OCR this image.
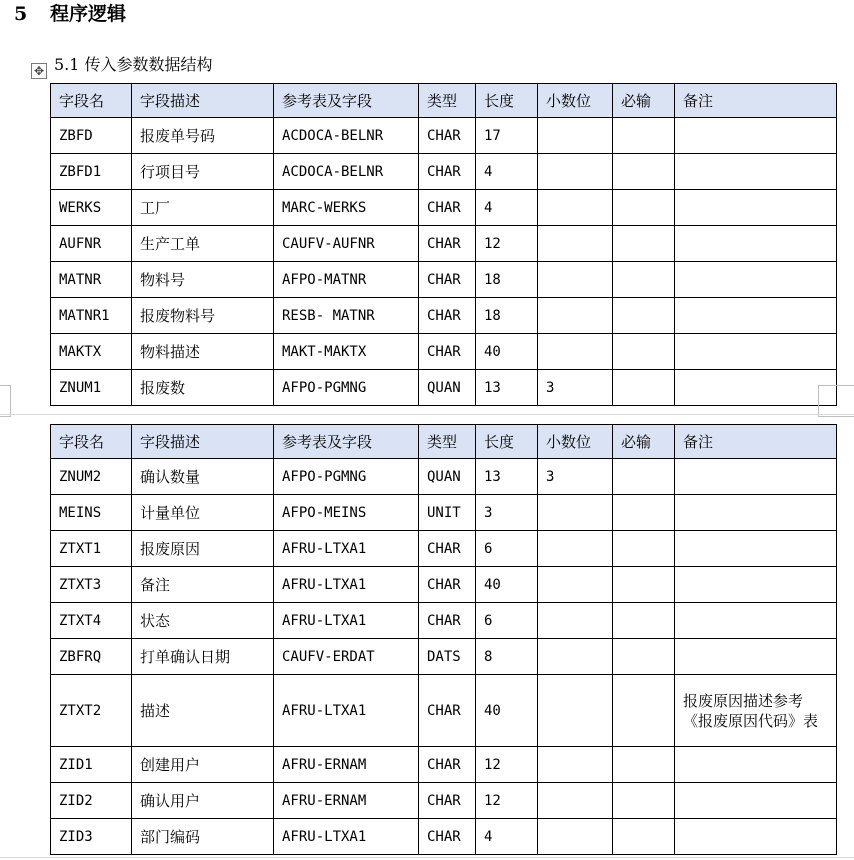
5 程序逻辑
✥ 5.1 传入参数数据结构
字段名	字段描述	参考表及字段	类型	长度	小数位	必输	备注
ZBFD	报废单号码	ACDOCA-BELNR	CHAR	17			
ZBFD1	行项目号	ACDOCA-BELNR	CHAR	4			
WERKS	工厂	MARC-WERKS	CHAR	4			
AUFNR	生产工单	CAUFV-AUFNR	CHAR	12			
MATNR	物料号	AFPO-MATNR	CHAR	18			
MATNR1	报废物料号	RESB- MATNR	CHAR	18			
MAKTX	物料描述	MAKT-MAKTX	CHAR	40			
ZNUM1	报废数	AFPO-PGMNG	QUAN	13	3		
字段名	字段描述	参考表及字段	类型	长度	小数位	必输	备注
ZNUM2	确认数量	AFPO-PGMNG	QUAN	13	3		
MEINS	计量单位	AFPO-MEINS	UNIT	3			
ZTXT1	报废原因	AFRU-LTXA1	CHAR	6			
ZTXT3	备注	AFRU-LTXA1	CHAR	40			
ZTXT4	状态	AFRU-LTXA1	CHAR	6			
ZBFRQ	打单确认日期	CAUFV-ERDAT	DATS	8			
ZTXT2	描述	AFRU-LTXA1	CHAR	40			报废原因描述参考《报废原因代码》表
ZID1	创建用户	AFRU-ERNAM	CHAR	12			
ZID2	确认用户	AFRU-ERNAM	CHAR	12			
ZID3	部门编码	AFRU-LTXA1	CHAR	4			
